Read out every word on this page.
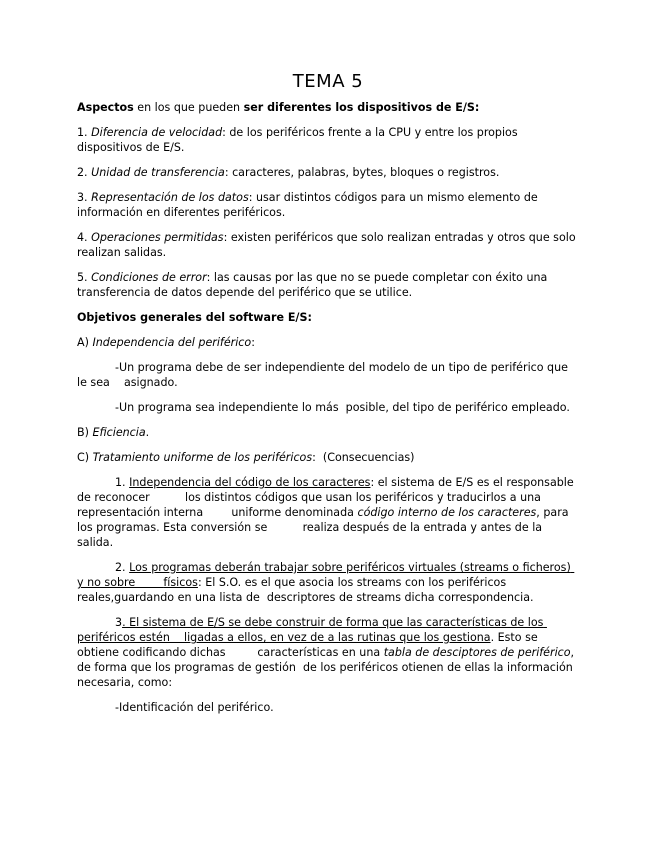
TEMA 5

Aspectos en los que pueden ser diferentes los dispositivos de E/S:

1. Diferencia de velocidad: de los periféricos frente a la CPU y entre los propios dispositivos de E/S.

2. Unidad de transferencia: caracteres, palabras, bytes, bloques o registros.

3. Representación de los datos: usar distintos códigos para un mismo elemento de información en diferentes periféricos.

4. Operaciones permitidas: existen periféricos que solo realizan entradas y otros que solo realizan salidas.

5. Condiciones de error: las causas por las que no se puede completar con éxito una transferencia de datos depende del periférico que se utilice.

Objetivos generales del software E/S:

A) Independencia del periférico:

-Un programa debe de ser independiente del modelo de un tipo de periférico que le sea    asignado.

-Un programa sea independiente lo más  posible, del tipo de periférico empleado.

B) Eficiencia.

C) Tratamiento uniforme de los periféricos:  (Consecuencias)

1. Independencia del código de los caracteres: el sistema de E/S es el responsable de reconocer          los distintos códigos que usan los periféricos y traducirlos a una representación interna        uniforme denominada código interno de los caracteres, para los programas. Esta conversión se          realiza después de la entrada y antes de la salida.

2. Los programas deberán trabajar sobre periféricos virtuales (streams o ficheros) y no sobre        físicos: El S.O. es el que asocia los streams con los periféricos reales,guardando en una lista de  descriptores de streams dicha correspondencia.

3. El sistema de E/S se debe construir de forma que las características de los periféricos estén    ligadas a ellos, en vez de a las rutinas que los gestiona. Esto se obtiene codificando dichas         características en una tabla de desciptores de periférico, de forma que los programas de gestión  de los periféricos otienen de ellas la información necesaria, como:

-Identificación del periférico.
